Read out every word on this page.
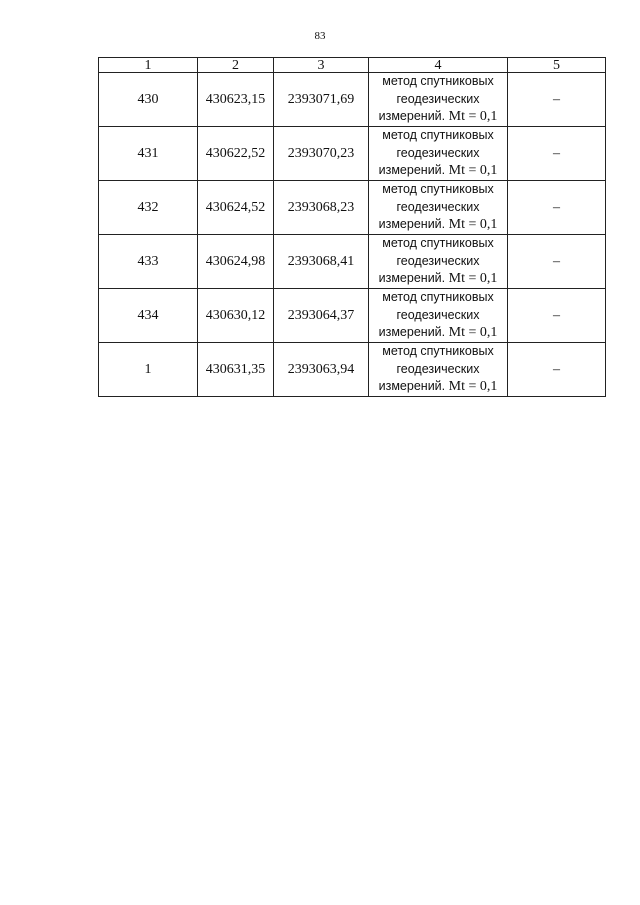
83
1	2	3	4	5
430	430623,15	2393071,69	метод спутниковых
геодезических
измерений. Mt = 0,1	–
431	430622,52	2393070,23	метод спутниковых
геодезических
измерений. Mt = 0,1	–
432	430624,52	2393068,23	метод спутниковых
геодезических
измерений. Mt = 0,1	–
433	430624,98	2393068,41	метод спутниковых
геодезических
измерений. Mt = 0,1	–
434	430630,12	2393064,37	метод спутниковых
геодезических
измерений. Mt = 0,1	–
1	430631,35	2393063,94	метод спутниковых
геодезических
измерений. Mt = 0,1	–
